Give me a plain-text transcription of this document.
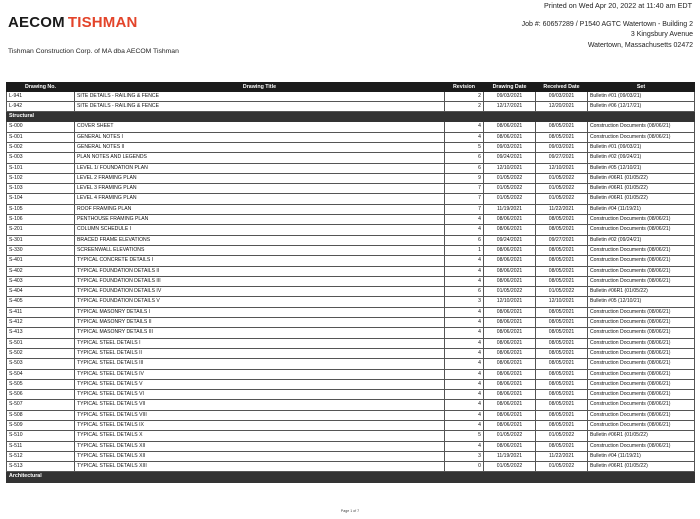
Printed on Wed Apr 20, 2022 at 11:40 am EDT
AECOM TISHMAN
Tishman Construction Corp. of MA dba AECOM Tishman
Job #: 60657289 / P1540 AGTC Watertown - Building 2
3 Kingsbury Avenue
Watertown, Massachusetts 02472
Drawing No.	Drawing Title	Revision	Drawing Date	Received Date	Set
L-941	SITE DETAILS - RAILING & FENCE	2	09/03/2021	09/03/2021	Bulletin #01 (09/03/21)
L-942	SITE DETAILS - RAILING & FENCE	2	12/17/2021	12/20/2021	Bulletin #06 (12/17/21)
Structural					
S-000	COVER SHEET	4	08/06/2021	08/05/2021	Construction Documents (08/06/21)
S-001	GENERAL NOTES I	4	08/06/2021	08/05/2021	Construction Documents (08/06/21)
S-002	GENERAL NOTES II	5	09/03/2021	09/03/2021	Bulletin #01 (09/03/21)
S-003	PLAN NOTES AND LEGENDS	6	09/24/2021	09/27/2021	Bulletin #02 (09/24/21)
S-101	LEVEL 1/ FOUNDATION PLAN	6	12/10/2021	12/10/2021	Bulletin #05 (12/10/21)
S-102	LEVEL 2 FRAMING PLAN	9	01/05/2022	01/05/2022	Bulletin #06R1 (01/05/22)
S-103	LEVEL 3 FRAMING PLAN	7	01/05/2022	01/05/2022	Bulletin #06R1 (01/05/22)
S-104	LEVEL 4 FRAMING PLAN	7	01/05/2022	01/05/2022	Bulletin #06R1 (01/05/22)
S-105	ROOF FRAMING PLAN	7	11/19/2021	11/22/2021	Bulletin #04 (11/19/21)
S-106	PENTHOUSE FRAMING PLAN	4	08/06/2021	08/05/2021	Construction Documents (08/06/21)
S-201	COLUMN SCHEDULE I	4	08/06/2021	08/05/2021	Construction Documents (08/06/21)
S-301	BRACED FRAME ELEVATIONS	6	09/24/2021	09/27/2021	Bulletin #02 (09/24/21)
S-330	SCREENWALL ELEVATIONS	1	08/06/2021	08/05/2021	Construction Documents (08/06/21)
S-401	TYPICAL CONCRETE DETAILS I	4	08/06/2021	08/05/2021	Construction Documents (08/06/21)
S-402	TYPICAL FOUNDATION DETAILS II	4	08/06/2021	08/05/2021	Construction Documents (08/06/21)
S-403	TYPICAL FOUNDATION DETAILS III	4	08/06/2021	08/05/2021	Construction Documents (08/06/21)
S-404	TYPICAL FOUNDATION DETAILS IV	6	01/05/2022	01/05/2022	Bulletin #06R1 (01/05/22)
S-405	TYPICAL FOUNDATION DETAILS V	3	12/10/2021	12/10/2021	Bulletin #05 (12/10/21)
S-411	TYPICAL MASONRY DETAILS I	4	08/06/2021	08/05/2021	Construction Documents (08/06/21)
S-412	TYPICAL MASONRY DETAILS II	4	08/06/2021	08/05/2021	Construction Documents (08/06/21)
S-413	TYPICAL MASONRY DETAILS III	4	08/06/2021	08/05/2021	Construction Documents (08/06/21)
S-501	TYPICAL STEEL DETAILS I	4	08/06/2021	08/05/2021	Construction Documents (08/06/21)
S-502	TYPICAL STEEL DETAILS II	4	08/06/2021	08/05/2021	Construction Documents (08/06/21)
S-503	TYPICAL STEEL DETAILS III	4	08/06/2021	08/05/2021	Construction Documents (08/06/21)
S-504	TYPICAL STEEL DETAILS IV	4	08/06/2021	08/05/2021	Construction Documents (08/06/21)
S-505	TYPICAL STEEL DETAILS V	4	08/06/2021	08/05/2021	Construction Documents (08/06/21)
S-506	TYPICAL STEEL DETAILS VI	4	08/06/2021	08/05/2021	Construction Documents (08/06/21)
S-507	TYPICAL STEEL DETAILS VII	4	08/06/2021	08/05/2021	Construction Documents (08/06/21)
S-508	TYPICAL STEEL DETAILS VIII	4	08/06/2021	08/05/2021	Construction Documents (08/06/21)
S-509	TYPICAL STEEL DETAILS IX	4	08/06/2021	08/05/2021	Construction Documents (08/06/21)
S-510	TYPICAL STEEL DETAILS X	5	01/05/2022	01/05/2022	Bulletin #06R1 (01/05/22)
S-511	TYPICAL STEEL DETAILS XII	4	08/06/2021	08/05/2021	Construction Documents (08/06/21)
S-512	TYPICAL STEEL DETAILS XII	3	11/19/2021	11/22/2021	Bulletin #04 (11/19/21)
S-513	TYPICAL STEEL DETAILS XIII	0	01/05/2022	01/05/2022	Bulletin #06R1 (01/05/22)
Architectural					
Page 1 of 7
